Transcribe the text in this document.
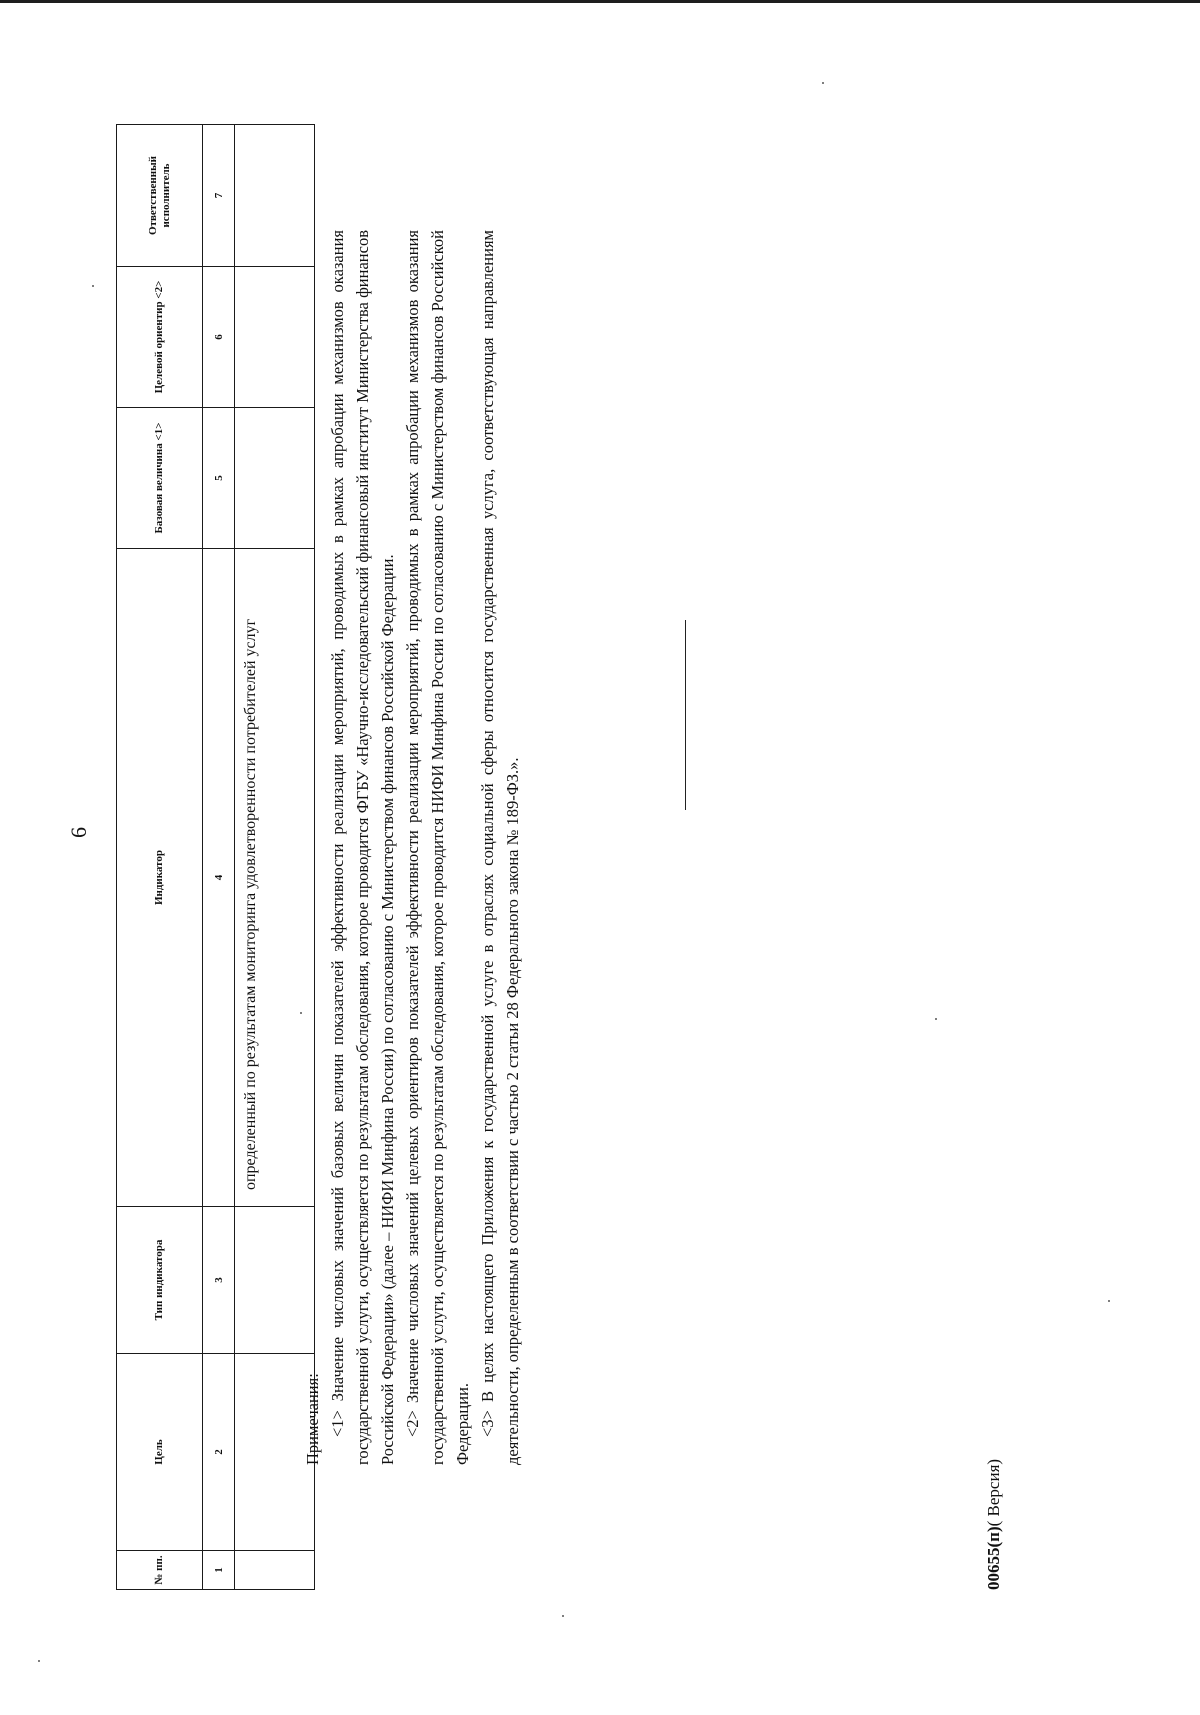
6
№ пп.	Цель	Тип индикатора	Индикатор	Базовая величина <1>	Целевой ориентир <2>	Ответственный исполнитель
1	2	3	4	5	6	7
			определенный по результатам мониторинга удовлетворенности потребителей услуг			

Примечания: <1> Значение числовых значений базовых величин показателей эффективности реализации мероприятий, проводимых в рамках апробации механизмов оказания государственной услуги, осуществляется по результатам обследования, которое проводится ФГБУ «Научно-исследовательский финансовый институт Министерства финансов Российской Федерации» (далее – НИФИ Минфина России) по согласованию с Министерством финансов Российской Федерации. <2> Значение числовых значений целевых ориентиров показателей эффективности реализации мероприятий, проводимых в рамках апробации механизмов оказания государственной услуги, осуществляется по результатам обследования, которое проводится НИФИ Минфина России по согласованию с Министерством финансов Российской Федерации. <3> В целях настоящего Приложения к государственной услуге в отраслях социальной сферы относится государственная услуга, соответствующая направлениям деятельности, определенным в соответствии с частью 2 статьи 28 Федерального закона № 189-ФЗ.».

00655(п)( Версия)
